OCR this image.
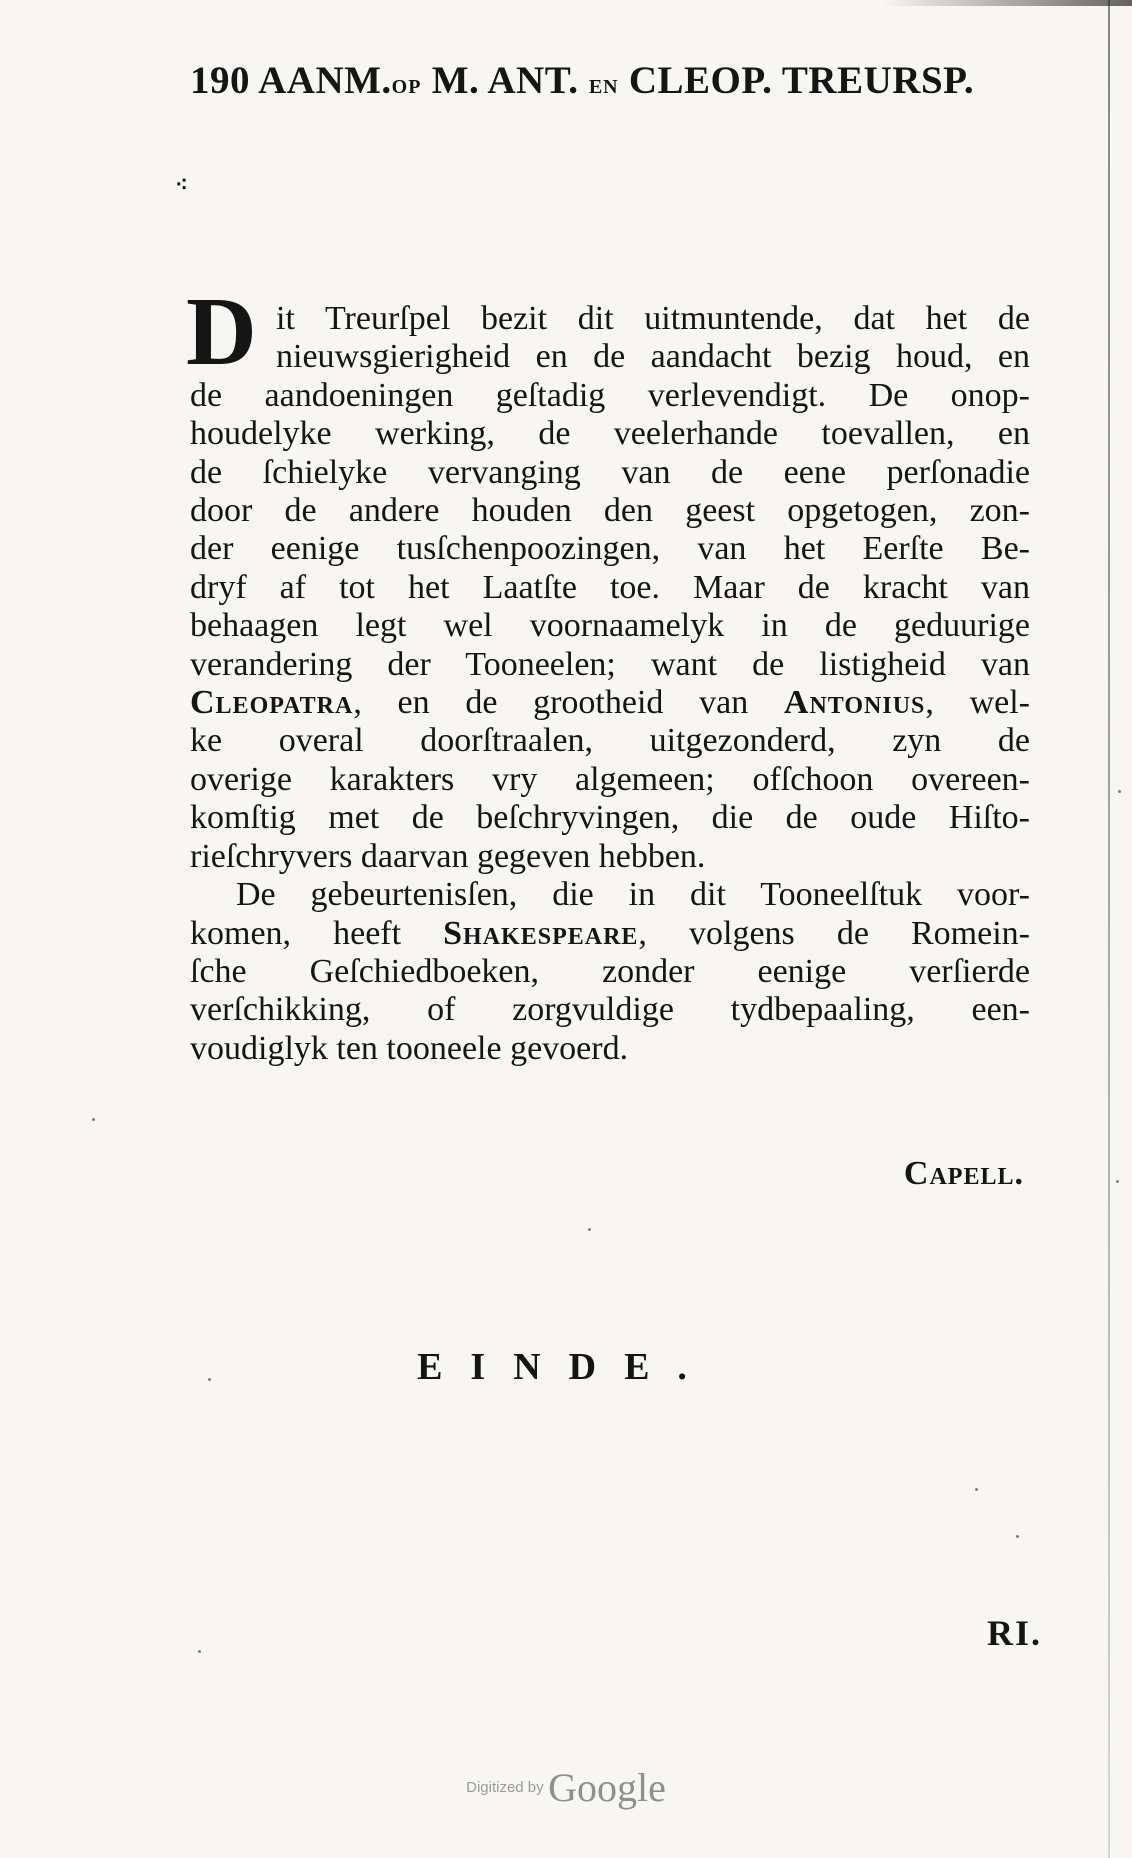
190 AANM.OP M. ANT. EN CLEOP. TREURSP.
⁖
D it Treurſpel bezit dit uitmuntende, dat het de
nieuwsgierigheid en de aandacht bezig houd, en
de aandoeningen geſtadig verlevendigt. De onop-
houdelyke werking, de veelerhande toevallen, en
de ſchielyke vervanging van de eene perſonadie
door de andere houden den geest opgetogen, zon-
der eenige tusſchenpoozingen, van het Eerſte Be-
dryf af tot het Laatſte toe. Maar de kracht van
behaagen legt wel voornaamelyk in de geduurige
verandering der Tooneelen; want de listigheid van
Cleopatra, en de grootheid van Antonius, wel-
ke overal doorſtraalen, uitgezonderd, zyn de
overige karakters vry algemeen; ofſchoon overeen-
komſtig met de beſchryvingen, die de oude Hiſto-
rieſchryvers daarvan gegeven hebben.
De gebeurtenisſen, die in dit Tooneelſtuk voor-
komen, heeft Shakespeare, volgens de Romein-
ſche Geſchiedboeken, zonder eenige verſierde
verſchikking, of zorgvuldige tydbepaaling, een-
voudiglyk ten tooneele gevoerd.
Capell.
EINDE.
RI.
Digitized by Google
